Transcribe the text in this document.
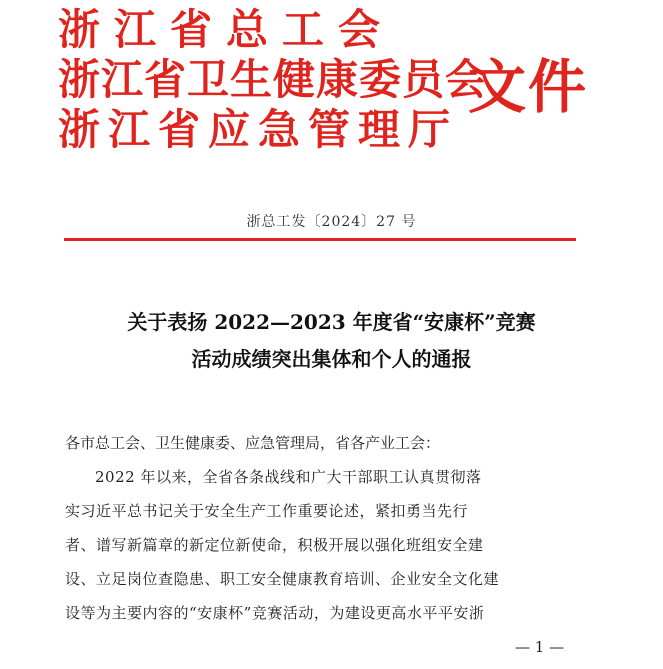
浙江省总工会
浙江省卫生健康委员会
浙江省应急管理厅
文件
浙总工发〔2024〕27 号
关于表扬 2022—2023 年度省“安康杯”竞赛
活动成绩突出集体和个人的通报
各市总工会、卫生健康委、应急管理局，省各产业工会：
2022 年以来，全省各条战线和广大干部职工认真贯彻落
实习近平总书记关于安全生产工作重要论述，紧扣勇当先行
者、谱写新篇章的新定位新使命，积极开展以强化班组安全建
设、立足岗位查隐患、职工安全健康教育培训、企业安全文化建
设等为主要内容的“安康杯”竞赛活动，为建设更高水平平安浙
— 1 —
